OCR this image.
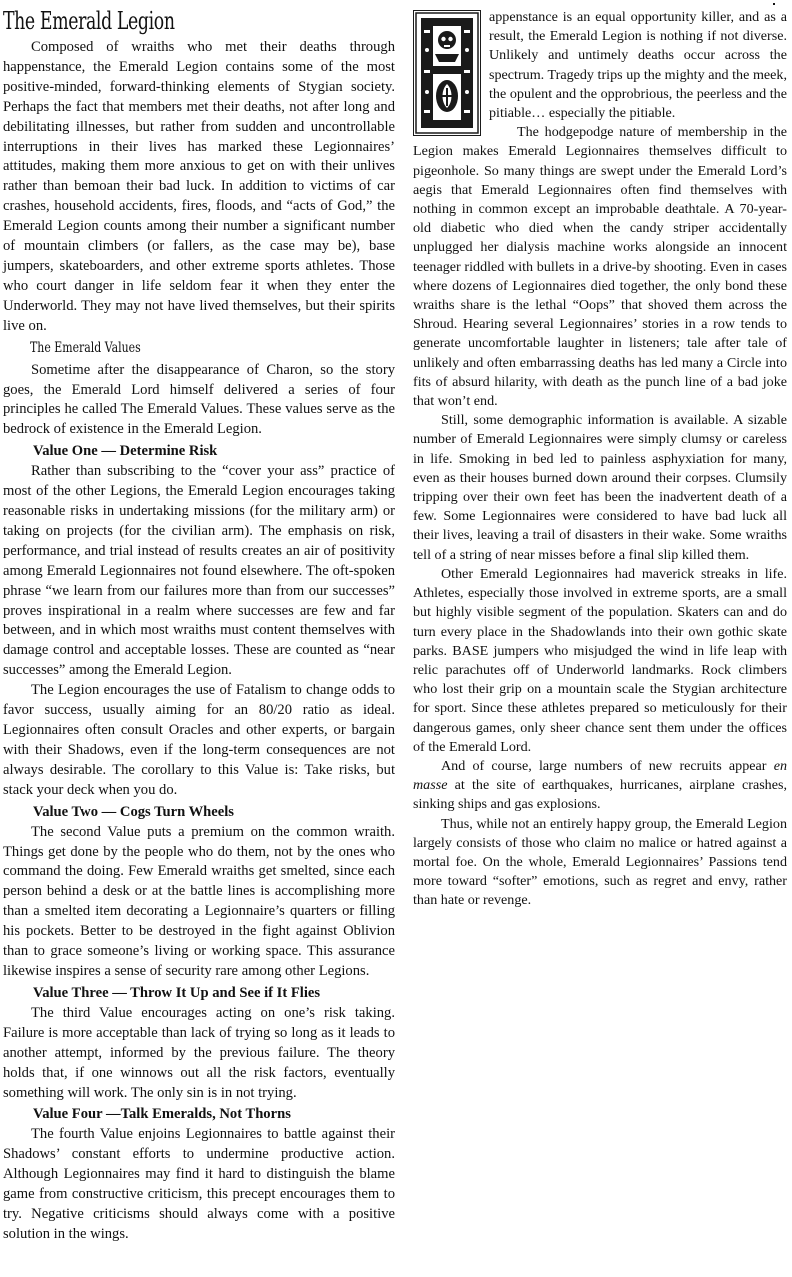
The Emerald Legion

Composed of wraiths who met their deaths through happenstance, the Emerald Legion contains some of the most positive-minded, forward-thinking elements of Stygian society. Perhaps the fact that members met their deaths, not after long and debilitating illnesses, but rather from sudden and uncontrollable interruptions in their lives has marked these Legionnaires’ attitudes, making them more anxious to get on with their unlives rather than bemoan their bad luck. In addition to victims of car crashes, household accidents, fires, floods, and “acts of God,” the Emerald Legion counts among their number a significant number of mountain climbers (or fallers, as the case may be), base jumpers, skateboarders, and other extreme sports athletes. Those who court danger in life seldom fear it when they enter the Underworld. They may not have lived themselves, but their spirits live on.

The Emerald Values

Sometime after the disappearance of Charon, so the story goes, the Emerald Lord himself delivered a series of four principles he called The Emerald Values. These values serve as the bedrock of existence in the Emerald Legion.

Value One — Determine Risk

Rather than subscribing to the “cover your ass” practice of most of the other Legions, the Emerald Legion encourages taking reasonable risks in undertaking missions (for the military arm) or taking on projects (for the civilian arm). The emphasis on risk, performance, and trial instead of results creates an air of positivity among Emerald Legionnaires not found elsewhere. The oft-spoken phrase “we learn from our failures more than from our successes” proves inspirational in a realm where successes are few and far between, and in which most wraiths must content themselves with damage control and acceptable losses. These are counted as “near successes” among the Emerald Legion.

The Legion encourages the use of Fatalism to change odds to favor success, usually aiming for an 80/20 ratio as ideal. Legionnaires often consult Oracles and other experts, or bargain with their Shadows, even if the long-term consequences are not always desirable. The corollary to this Value is: Take risks, but stack your deck when you do.

Value Two — Cogs Turn Wheels

The second Value puts a premium on the common wraith. Things get done by the people who do them, not by the ones who command the doing. Few Emerald wraiths get smelted, since each person behind a desk or at the battle lines is accomplishing more than a smelted item decorating a Legionnaire’s quarters or filling his pockets. Better to be destroyed in the fight against Oblivion than to grace someone’s living or working space. This assurance likewise inspires a sense of security rare among other Legions.

Value Three — Throw It Up and See if It Flies

The third Value encourages acting on one’s risk taking. Failure is more acceptable than lack of trying so long as it leads to another attempt, informed by the previous failure. The theory holds that, if one winnows out all the risk factors, eventually something will work. The only sin is in not trying.

Value Four —Talk Emeralds, Not Thorns

The fourth Value enjoins Legionnaires to battle against their Shadows’ constant efforts to undermine productive action. Although Legionnaires may find it hard to distinguish the blame game from constructive criticism, this precept encourages them to try. Negative criticisms should always come with a positive solution in the wings.

appenstance is an equal opportunity killer, and as a result, the Emerald Legion is nothing if not diverse. Unlikely and untimely deaths occur across the spectrum. Tragedy trips up the mighty and the meek, the opulent and the opprobrious, the peerless and the pitiable… especially the pitiable.

The hodgepodge nature of membership in the Legion makes Emerald Legionnaires themselves difficult to pigeonhole. So many things are swept under the Emerald Lord’s aegis that Emerald Legionnaires often find themselves with nothing in common except an improbable deathtale. A 70-year-old diabetic who died when the candy striper accidentally unplugged her dialysis machine works alongside an innocent teenager riddled with bullets in a drive-by shooting. Even in cases where dozens of Legionnaires died together, the only bond these wraiths share is the lethal “Oops” that shoved them across the Shroud. Hearing several Legionnaires’ stories in a row tends to generate uncomfortable laughter in listeners; tale after tale of unlikely and often embarrassing deaths has led many a Circle into fits of absurd hilarity, with death as the punch line of a bad joke that won’t end.

Still, some demographic information is available. A sizable number of Emerald Legionnaires were simply clumsy or careless in life. Smoking in bed led to painless asphyxiation for many, even as their houses burned down around their corpses. Clumsily tripping over their own feet has been the inadvertent death of a few. Some Legionnaires were considered to have bad luck all their lives, leaving a trail of disasters in their wake. Some wraiths tell of a string of near misses before a final slip killed them.

Other Emerald Legionnaires had maverick streaks in life. Athletes, especially those involved in extreme sports, are a small but highly visible segment of the population. Skaters can and do turn every place in the Shadowlands into their own gothic skate parks. BASE jumpers who misjudged the wind in life leap with relic parachutes off of Underworld landmarks. Rock climbers who lost their grip on a mountain scale the Stygian architecture for sport. Since these athletes prepared so meticulously for their dangerous games, only sheer chance sent them under the offices of the Emerald Lord.

And of course, large numbers of new recruits appear en masse at the site of earthquakes, hurricanes, airplane crashes, sinking ships and gas explosions.

Thus, while not an entirely happy group, the Emerald Legion largely consists of those who claim no malice or hatred against a mortal foe. On the whole, Emerald Legionnaires’ Passions tend more toward “softer” emotions, such as regret and envy, rather than hate or revenge.
